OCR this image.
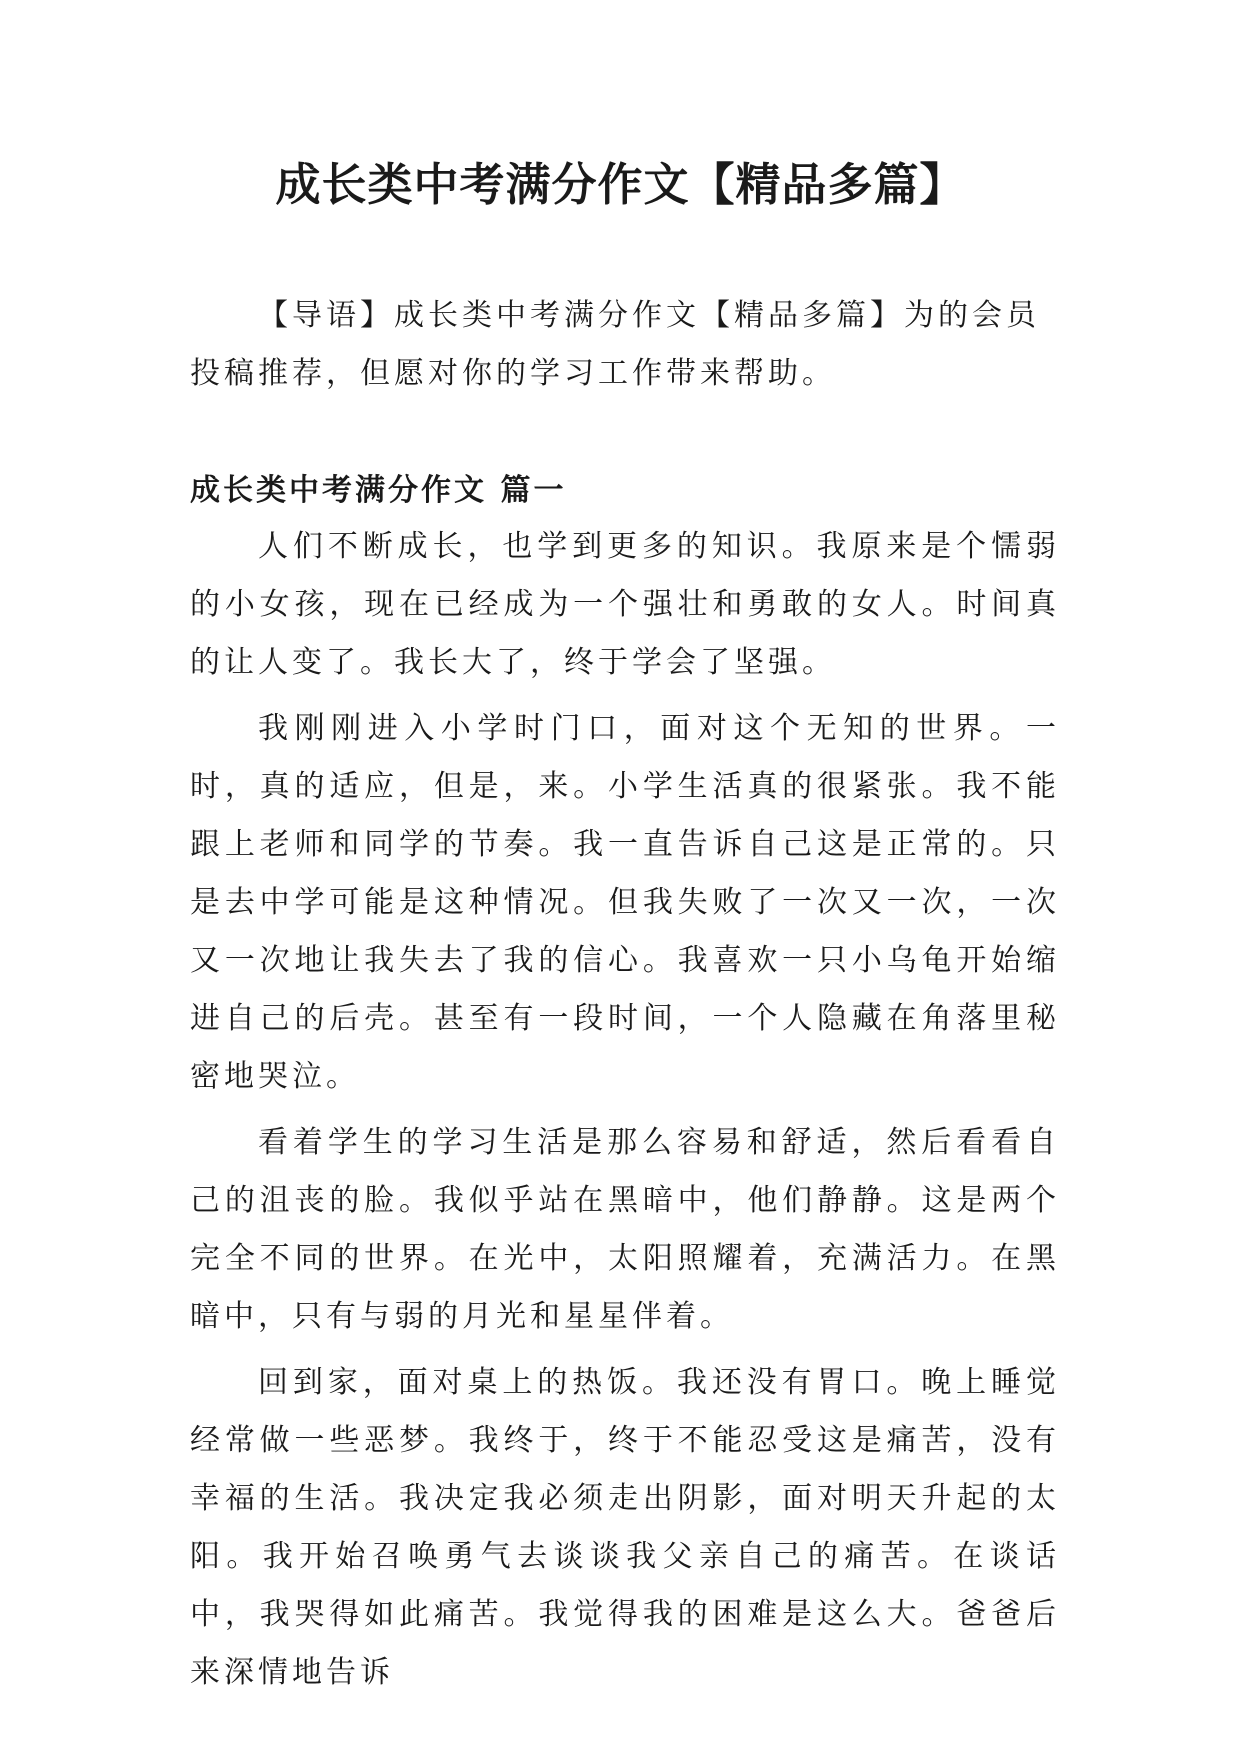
成长类中考满分作文【精品多篇】

【导语】成长类中考满分作文【精品多篇】为的会员投稿推荐，但愿对你的学习工作带来帮助。

成长类中考满分作文 篇一

人们不断成长，也学到更多的知识。我原来是个懦弱的小女孩，现在已经成为一个强壮和勇敢的女人。时间真的让人变了。我长大了，终于学会了坚强。

我刚刚进入小学时门口，面对这个无知的世界。一时，真的适应，但是，来。小学生活真的很紧张。我不能跟上老师和同学的节奏。我一直告诉自己这是正常的。只是去中学可能是这种情况。但我失败了一次又一次，一次又一次地让我失去了我的信心。我喜欢一只小乌龟开始缩进自己的后壳。甚至有一段时间，一个人隐藏在角落里秘密地哭泣。

看着学生的学习生活是那么容易和舒适，然后看看自己的沮丧的脸。我似乎站在黑暗中，他们静静。这是两个完全不同的世界。在光中，太阳照耀着，充满活力。在黑暗中，只有与弱的月光和星星伴着。

回到家，面对桌上的热饭。我还没有胃口。晚上睡觉经常做一些恶梦。我终于，终于不能忍受这是痛苦，没有幸福的生活。我决定我必须走出阴影，面对明天升起的太阳。我开始召唤勇气去谈谈我父亲自己的痛苦。在谈话中，我哭得如此痛苦。我觉得我的困难是这么大。爸爸后来深情地告诉
